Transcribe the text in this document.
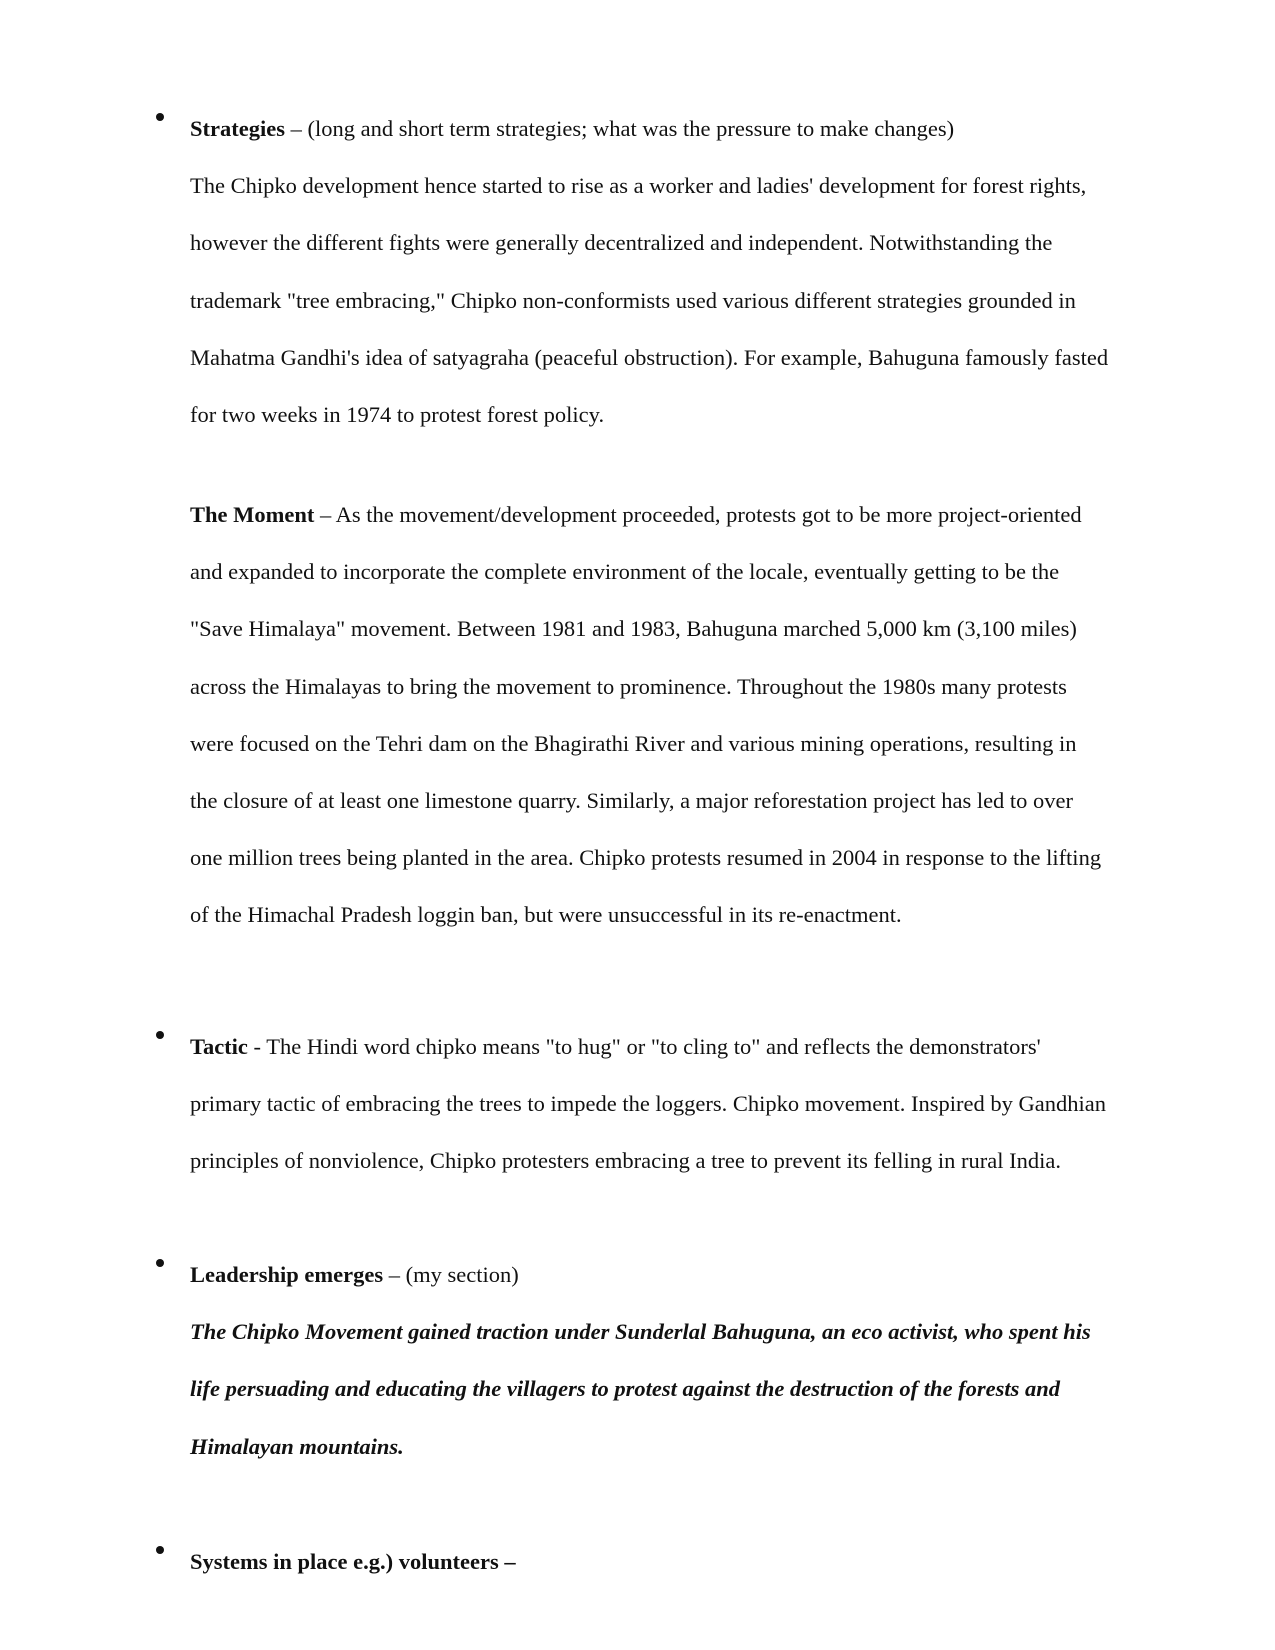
Strategies – (long and short term strategies; what was the pressure to make changes)
The Chipko development hence started to rise as a worker and ladies' development for forest rights,
however the different fights were generally decentralized and independent. Notwithstanding the
trademark "tree embracing," Chipko non-conformists used various different strategies grounded in
Mahatma Gandhi's idea of satyagraha (peaceful obstruction). For example, Bahuguna famously fasted
for two weeks in 1974 to protest forest policy.
The Moment – As the movement/development proceeded, protests got to be more project-oriented
and expanded to incorporate the complete environment of the locale, eventually getting to be the
"Save Himalaya" movement. Between 1981 and 1983, Bahuguna marched 5,000 km (3,100 miles)
across the Himalayas to bring the movement to prominence. Throughout the 1980s many protests
were focused on the Tehri dam on the Bhagirathi River and various mining operations, resulting in
the closure of at least one limestone quarry. Similarly, a major reforestation project has led to over
one million trees being planted in the area. Chipko protests resumed in 2004 in response to the lifting
of the Himachal Pradesh loggin ban, but were unsuccessful in its re-enactment.
Tactic - The Hindi word chipko means "to hug" or "to cling to" and reflects the demonstrators'
primary tactic of embracing the trees to impede the loggers. Chipko movement. Inspired by Gandhian
principles of nonviolence, Chipko protesters embracing a tree to prevent its felling in rural India.
Leadership emerges – (my section)
The Chipko Movement gained traction under Sunderlal Bahuguna, an eco activist, who spent his
life persuading and educating the villagers to protest against the destruction of the forests and
Himalayan mountains.
Systems in place e.g.) volunteers –
